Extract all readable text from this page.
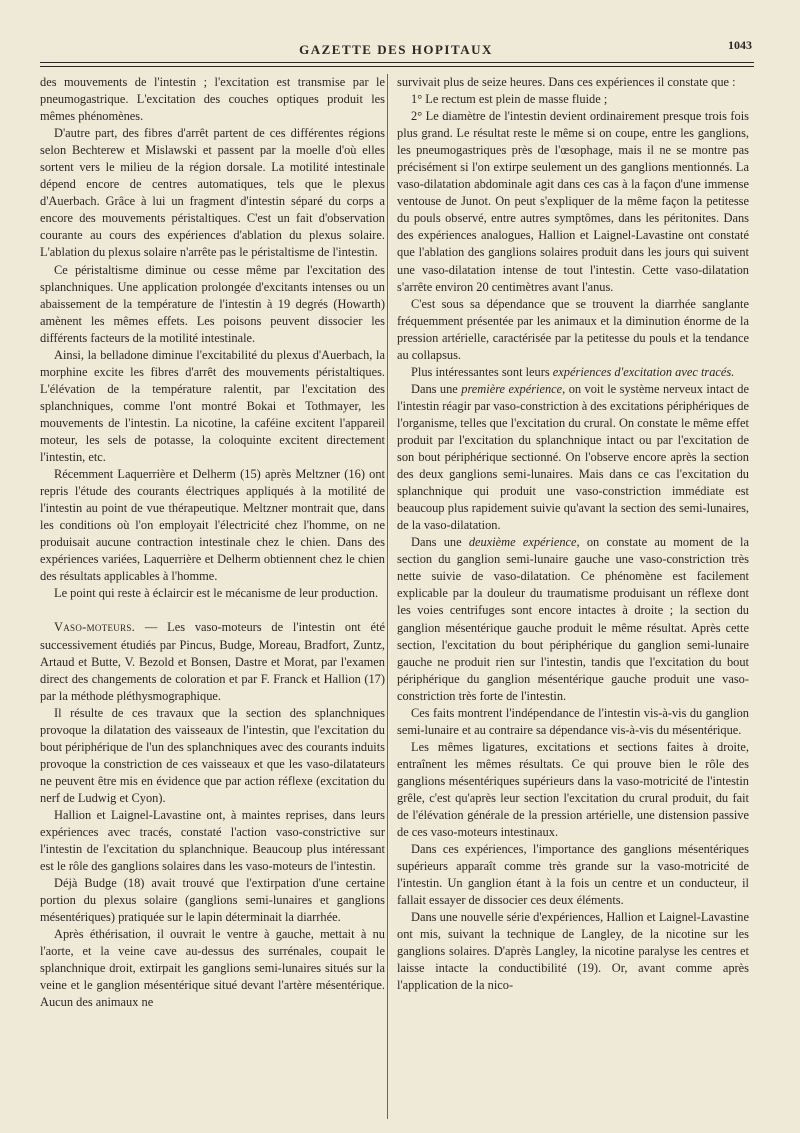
GAZETTE DES HOPITAUX	1043

des mouvements de l'intestin ; l'excitation est transmise par le pneumogastrique. L'excitation des couches optiques produit les mêmes phénomènes.

D'autre part, des fibres d'arrêt partent de ces différentes régions selon Bechterew et Mislawski et passent par la moelle d'où elles sortent vers le milieu de la région dorsale. La motilité intestinale dépend encore de centres automatiques, tels que le plexus d'Auerbach. Grâce à lui un fragment d'intestin séparé du corps a encore des mouvements péristaltiques. C'est un fait d'observation courante au cours des expériences d'ablation du plexus solaire. L'ablation du plexus solaire n'arrête pas le péristaltisme de l'intestin.

Ce péristaltisme diminue ou cesse même par l'excitation des splanchniques. Une application prolongée d'excitants intenses ou un abaissement de la température de l'intestin à 19 degrés (Howarth) amènent les mêmes effets. Les poisons peuvent dissocier les différents facteurs de la motilité intestinale.

Ainsi, la belladone diminue l'excitabilité du plexus d'Auerbach, la morphine excite les fibres d'arrêt des mouvements péristaltiques. L'élévation de la température ralentit, par l'excitation des splanchniques, comme l'ont montré Bokai et Tothmayer, les mouvements de l'intestin. La nicotine, la caféine excitent l'appareil moteur, les sels de potasse, la coloquinte excitent directement l'intestin, etc.

Récemment Laquerrière et Delherm (15) après Meltzner (16) ont repris l'étude des courants électriques appliqués à la motilité de l'intestin au point de vue thérapeutique. Meltzner montrait que, dans les conditions où l'on employait l'électricité chez l'homme, on ne produisait aucune contraction intestinale chez le chien. Dans des expériences variées, Laquerrière et Delherm obtiennent chez le chien des résultats applicables à l'homme.

Le point qui reste à éclaircir est le mécanisme de leur production.

Vaso-moteurs. — Les vaso-moteurs de l'intestin ont été successivement étudiés par Pincus, Budge, Moreau, Bradfort, Zuntz, Artaud et Butte, V. Bezold et Bonsen, Dastre et Morat, par l'examen direct des changements de coloration et par F. Franck et Hallion (17) par la méthode pléthysmographique.

Il résulte de ces travaux que la section des splanchniques provoque la dilatation des vaisseaux de l'intestin, que l'excitation du bout périphérique de l'un des splanchniques avec des courants induits provoque la constriction de ces vaisseaux et que les vaso-dilatateurs ne peuvent être mis en évidence que par action réflexe (excitation du nerf de Ludwig et Cyon).

Hallion et Laignel-Lavastine ont, à maintes reprises, dans leurs expériences avec tracés, constaté l'action vaso-constrictive sur l'intestin de l'excitation du splanchnique. Beaucoup plus intéressant est le rôle des ganglions solaires dans les vaso-moteurs de l'intestin.

Déjà Budge (18) avait trouvé que l'extirpation d'une certaine portion du plexus solaire (ganglions semi-lunaires et ganglions mésentériques) pratiquée sur le lapin déterminait la diarrhée.

Après éthérisation, il ouvrait le ventre à gauche, mettait à nu l'aorte, et la veine cave au-dessus des surrénales, coupait le splanchnique droit, extirpait les ganglions semi-lunaires situés sur la veine et le ganglion mésentérique situé devant l'artère mésentérique. Aucun des animaux ne

survivait plus de seize heures. Dans ces expériences il constate que :

1° Le rectum est plein de masse fluide ;

2° Le diamètre de l'intestin devient ordinairement presque trois fois plus grand. Le résultat reste le même si on coupe, entre les ganglions, les pneumogastriques près de l'œsophage, mais il ne se montre pas précisément si l'on extirpe seulement un des ganglions mentionnés. La vaso-dilatation abdominale agit dans ces cas à la façon d'une immense ventouse de Junot. On peut s'expliquer de la même façon la petitesse du pouls observé, entre autres symptômes, dans les péritonites. Dans des expériences analogues, Hallion et Laignel-Lavastine ont constaté que l'ablation des ganglions solaires produit dans les jours qui suivent une vaso-dilatation intense de tout l'intestin. Cette vaso-dilatation s'arrête environ 20 centimètres avant l'anus.

C'est sous sa dépendance que se trouvent la diarrhée sanglante fréquemment présentée par les animaux et la diminution énorme de la pression artérielle, caractérisée par la petitesse du pouls et la tendance au collapsus.

Plus intéressantes sont leurs expériences d'excitation avec tracés.

Dans une première expérience, on voit le système nerveux intact de l'intestin réagir par vaso-constriction à des excitations périphériques de l'organisme, telles que l'excitation du crural. On constate le même effet produit par l'excitation du splanchnique intact ou par l'excitation de son bout périphérique sectionné. On l'observe encore après la section des deux ganglions semi-lunaires. Mais dans ce cas l'excitation du splanchnique qui produit une vaso-constriction immédiate est beaucoup plus rapidement suivie qu'avant la section des semi-lunaires, de la vaso-dilatation.

Dans une deuxième expérience, on constate au moment de la section du ganglion semi-lunaire gauche une vaso-constriction très nette suivie de vaso-dilatation. Ce phénomène est facilement explicable par la douleur du traumatisme produisant un réflexe dont les voies centrifuges sont encore intactes à droite ; la section du ganglion mésentérique gauche produit le même résultat. Après cette section, l'excitation du bout périphérique du ganglion semi-lunaire gauche ne produit rien sur l'intestin, tandis que l'excitation du bout périphérique du ganglion mésentérique gauche produit une vaso-constriction très forte de l'intestin.

Ces faits montrent l'indépendance de l'intestin vis-à-vis du ganglion semi-lunaire et au contraire sa dépendance vis-à-vis du mésentérique.

Les mêmes ligatures, excitations et sections faites à droite, entraînent les mêmes résultats. Ce qui prouve bien le rôle des ganglions mésentériques supérieurs dans la vaso-motricité de l'intestin grêle, c'est qu'après leur section l'excitation du crural produit, du fait de l'élévation générale de la pression artérielle, une distension passive de ces vaso-moteurs intestinaux.

Dans ces expériences, l'importance des ganglions mésentériques supérieurs apparaît comme très grande sur la vaso-motricité de l'intestin. Un ganglion étant à la fois un centre et un conducteur, il fallait essayer de dissocier ces deux éléments.

Dans une nouvelle série d'expériences, Hallion et Laignel-Lavastine ont mis, suivant la technique de Langley, de la nicotine sur les ganglions solaires. D'après Langley, la nicotine paralyse les centres et laisse intacte la conductibilité (19). Or, avant comme après l'application de la nico-
